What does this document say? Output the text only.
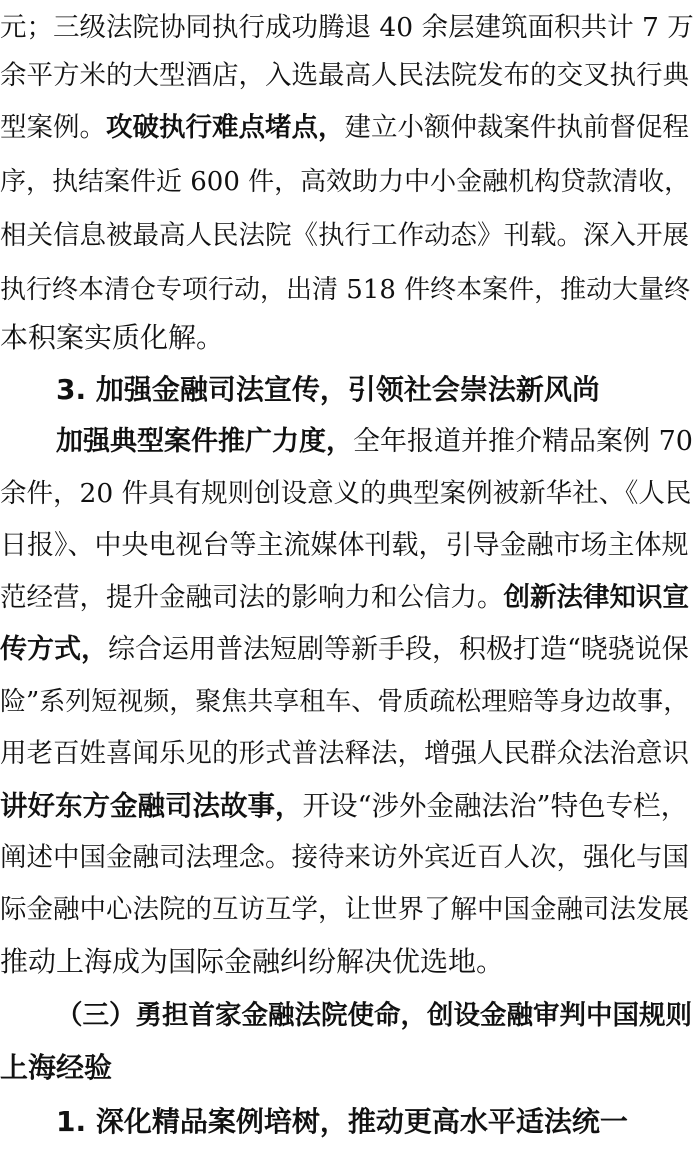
元；三级法院协同执行成功腾退 40 余层建筑面积共计 7 万
余平方米的大型酒店，入选最高人民法院发布的交叉执行典
型案例。攻破执行难点堵点，建立小额仲裁案件执前督促程
序，执结案件近 600 件，高效助力中小金融机构贷款清收，
相关信息被最高人民法院《执行工作动态》刊载。深入开展
执行终本清仓专项行动，出清 518 件终本案件，推动大量终
本积案实质化解。
3. 加强金融司法宣传，引领社会崇法新风尚
加强典型案件推广力度，全年报道并推介精品案例 70
余件，20 件具有规则创设意义的典型案例被新华社、《人民
日报》、中央电视台等主流媒体刊载，引导金融市场主体规
范经营，提升金融司法的影响力和公信力。创新法律知识宣
传方式，综合运用普法短剧等新手段，积极打造“晓骁说保
险”系列短视频，聚焦共享租车、骨质疏松理赔等身边故事，
用老百姓喜闻乐见的形式普法释法，增强人民群众法治意识
讲好东方金融司法故事，开设“涉外金融法治”特色专栏，
阐述中国金融司法理念。接待来访外宾近百人次，强化与国
际金融中心法院的互访互学，让世界了解中国金融司法发展
推动上海成为国际金融纠纷解决优选地。
（三）勇担首家金融法院使命，创设金融审判中国规则
上海经验
1. 深化精品案例培树，推动更高水平适法统一
